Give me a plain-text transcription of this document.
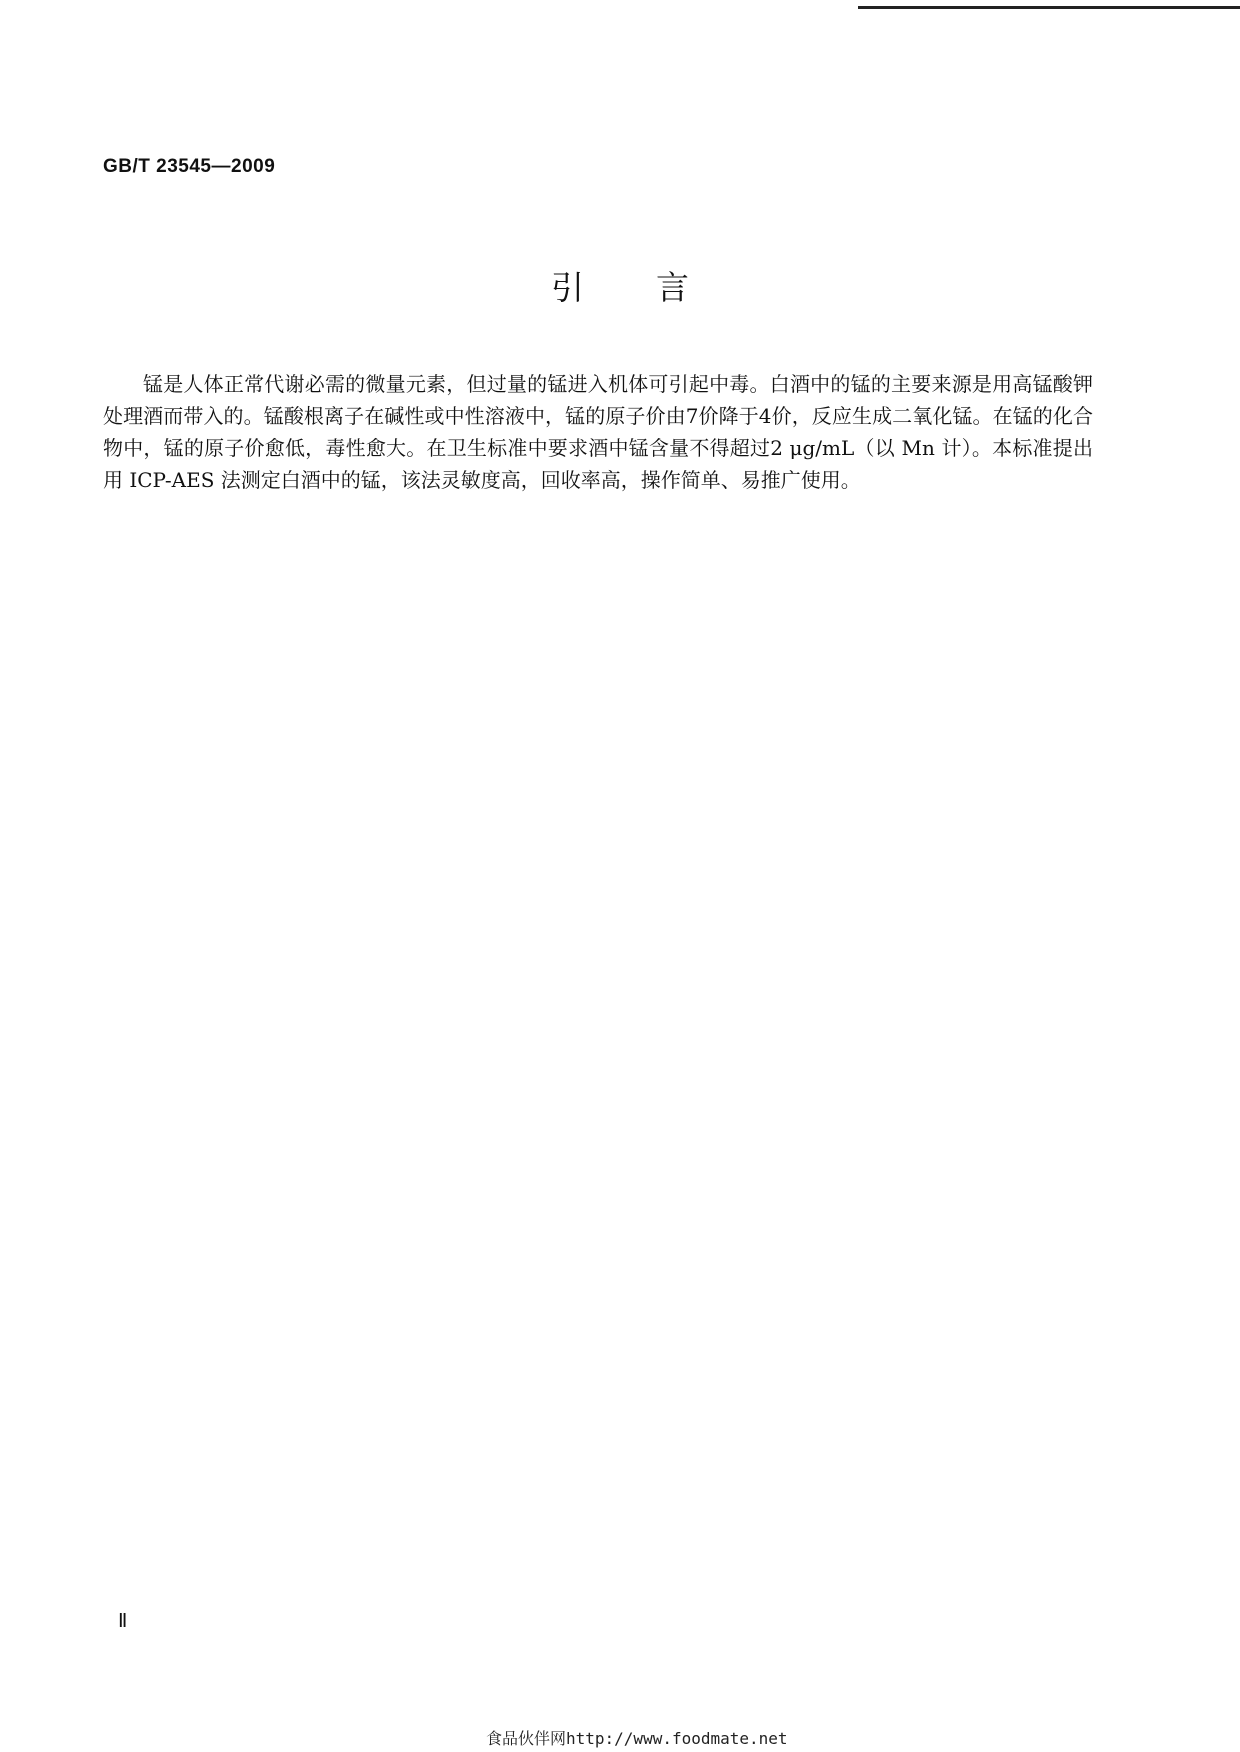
GB/T 23545—2009
引言

锰是人体正常代谢必需的微量元素，但过量的锰进入机体可引起中毒。白酒中的锰的主要来源是用高锰酸钾处理酒而带入的。锰酸根离子在碱性或中性溶液中，锰的原子价由7价降于4价，反应生成二氧化锰。在锰的化合物中，锰的原子价愈低，毒性愈大。在卫生标准中要求酒中锰含量不得超过2 μg/mL（以 Mn 计）。本标准提出用 ICP-AES 法测定白酒中的锰，该法灵敏度高，回收率高，操作简单、易推广使用。

Ⅱ
食品伙伴网http://www.foodmate.net
